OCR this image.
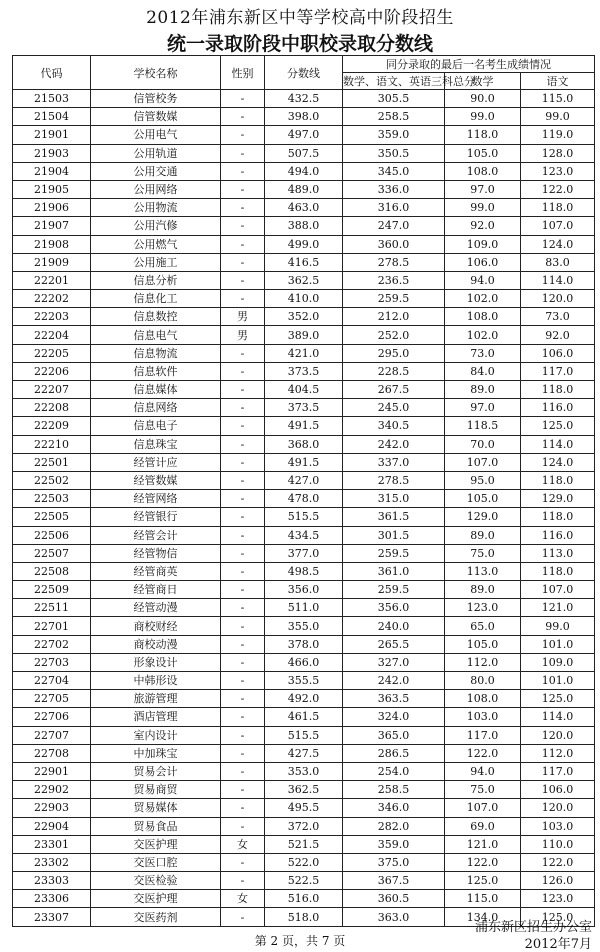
2012年浦东新区中等学校高中阶段招生
统一录取阶段中职校录取分数线
代码	学校名称	性别	分数线	同分录取的最后一名考生成绩情况		
				数学、语文、英语三科总分	数学	语文
21503	信管校务	-	432.5	305.5	90.0	115.0
21504	信管数媒	-	398.0	258.5	99.0	99.0
21901	公用电气	-	497.0	359.0	118.0	119.0
21903	公用轨道	-	507.5	350.5	105.0	128.0
21904	公用交通	-	494.0	345.0	108.0	123.0
21905	公用网络	-	489.0	336.0	97.0	122.0
21906	公用物流	-	463.0	316.0	99.0	118.0
21907	公用汽修	-	388.0	247.0	92.0	107.0
21908	公用燃气	-	499.0	360.0	109.0	124.0
21909	公用施工	-	416.5	278.5	106.0	83.0
22201	信息分析	-	362.5	236.5	94.0	114.0
22202	信息化工	-	410.0	259.5	102.0	120.0
22203	信息数控	男	352.0	212.0	108.0	73.0
22204	信息电气	男	389.0	252.0	102.0	92.0
22205	信息物流	-	421.0	295.0	73.0	106.0
22206	信息软件	-	373.5	228.5	84.0	117.0
22207	信息媒体	-	404.5	267.5	89.0	118.0
22208	信息网络	-	373.5	245.0	97.0	116.0
22209	信息电子	-	491.5	340.5	118.5	125.0
22210	信息珠宝	-	368.0	242.0	70.0	114.0
22501	经管计应	-	491.5	337.0	107.0	124.0
22502	经管数媒	-	427.0	278.5	95.0	118.0
22503	经管网络	-	478.0	315.0	105.0	129.0
22505	经管银行	-	515.5	361.5	129.0	118.0
22506	经管会计	-	434.5	301.5	89.0	116.0
22507	经管物信	-	377.0	259.5	75.0	113.0
22508	经管商英	-	498.5	361.0	113.0	118.0
22509	经管商日	-	356.0	259.5	89.0	107.0
22511	经管动漫	-	511.0	356.0	123.0	121.0
22701	商校财经	-	355.0	240.0	65.0	99.0
22702	商校动漫	-	378.0	265.5	105.0	101.0
22703	形象设计	-	466.0	327.0	112.0	109.0
22704	中韩形设	-	355.5	242.0	80.0	101.0
22705	旅游管理	-	492.0	363.5	108.0	125.0
22706	酒店管理	-	461.5	324.0	103.0	114.0
22707	室内设计	-	515.5	365.0	117.0	120.0
22708	中加珠宝	-	427.5	286.5	122.0	112.0
22901	贸易会计	-	353.0	254.0	94.0	117.0
22902	贸易商贸	-	362.5	258.5	75.0	106.0
22903	贸易媒体	-	495.5	346.0	107.0	120.0
22904	贸易食品	-	372.0	282.0	69.0	103.0
23301	交医护理	女	521.5	359.0	121.0	110.0
23302	交医口腔	-	522.0	375.0	122.0	122.0
23303	交医检验	-	522.5	367.5	125.0	126.0
23306	交医护理	女	516.0	360.5	115.0	123.0
23307	交医药剂	-	518.0	363.0	134.0	125.0
浦东新区招生办公室
第 2 页，共 7 页	2012年7月
